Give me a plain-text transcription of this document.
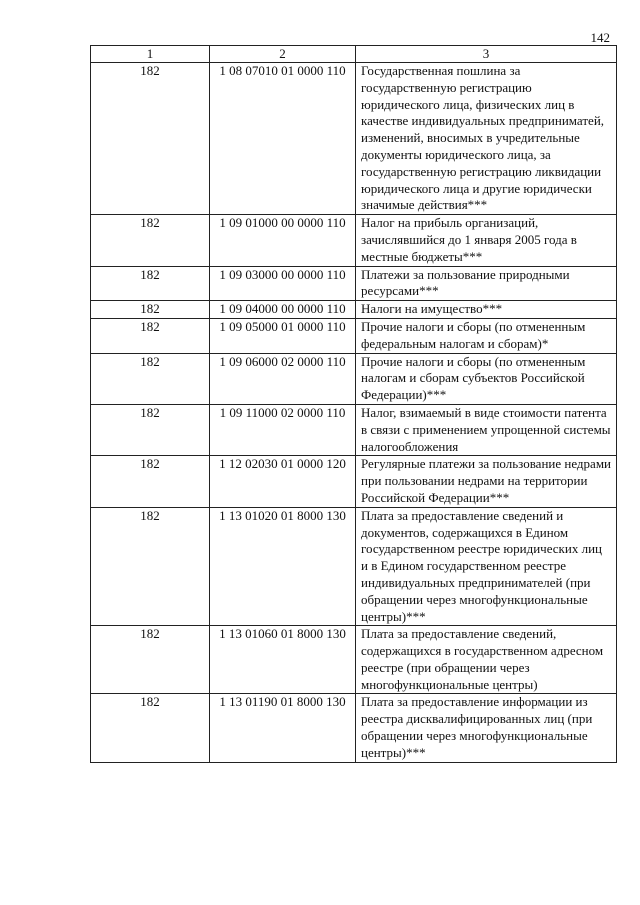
142
1	2	3
182	1 08 07010 01 0000 110	Государственная пошлина за государственную регистрацию юридического лица, физических лиц в качестве индивидуальных предприниматей, изменений, вносимых в учредительные документы юридического лица, за государственную регистрацию ликвидации юридического лица и другие юридически значимые действия***
182	1 09 01000 00 0000 110	Налог на прибыль организаций, зачислявшийся до 1 января 2005 года в местные бюджеты***
182	1 09 03000 00 0000 110	Платежи за пользование природными ресурсами***
182	1 09 04000 00 0000 110	Налоги на имущество***
182	1 09 05000 01 0000 110	Прочие налоги и сборы (по отмененным федеральным налогам и сборам)*
182	1 09 06000 02 0000 110	Прочие налоги и сборы (по отмененным налогам и сборам субъектов Российской Федерации)***
182	1 09 11000 02 0000 110	Налог, взимаемый в виде стоимости патента в связи с применением упрощенной системы налогообложения
182	1 12 02030 01 0000 120	Регулярные платежи за пользование недрами при пользовании недрами на территории Российской Федерации***
182	1 13 01020 01 8000 130	Плата за предоставление сведений и документов, содержащихся в Едином государственном реестре юридических лиц и в Едином государственном реестре индивидуальных предпринимателей (при обращении через многофункциональные центры)***
182	1 13 01060 01 8000 130	Плата за предоставление сведений, содержащихся в государственном адресном реестре (при обращении через многофункциональные центры)
182	1 13 01190 01 8000 130	Плата за предоставление информации из реестра дисквалифицированных лиц (при обращении через многофункциональные центры)***
